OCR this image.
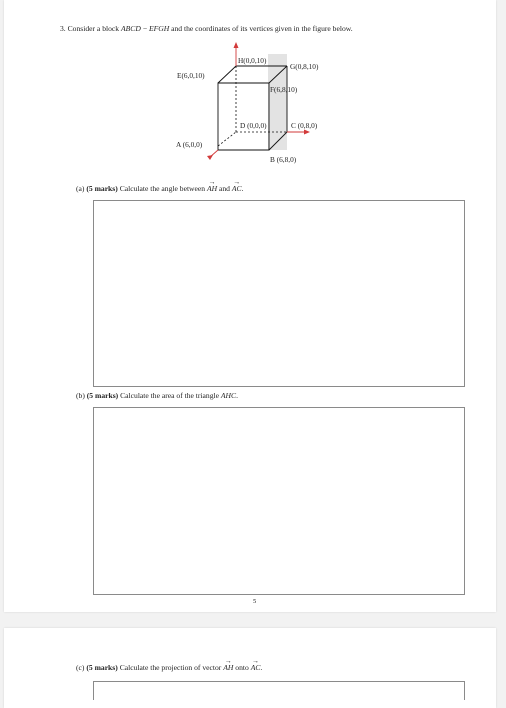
3. Consider a block ABCD − EFGH and the coordinates of its vertices given in the figure below.
H(0,0,10)
G(0,8,10)
E(6,0,10)
F(6,8,10)
D (0,0,0)	C (0,8,0)
A (6,0,0)
B (6,8,0)
(a) (5 marks) Calculate the angle between → AH and → AC.
(b) (5 marks) Calculate the area of the triangle AHC.
5
(c) (5 marks) Calculate the projection of vector → AH onto → AC.
